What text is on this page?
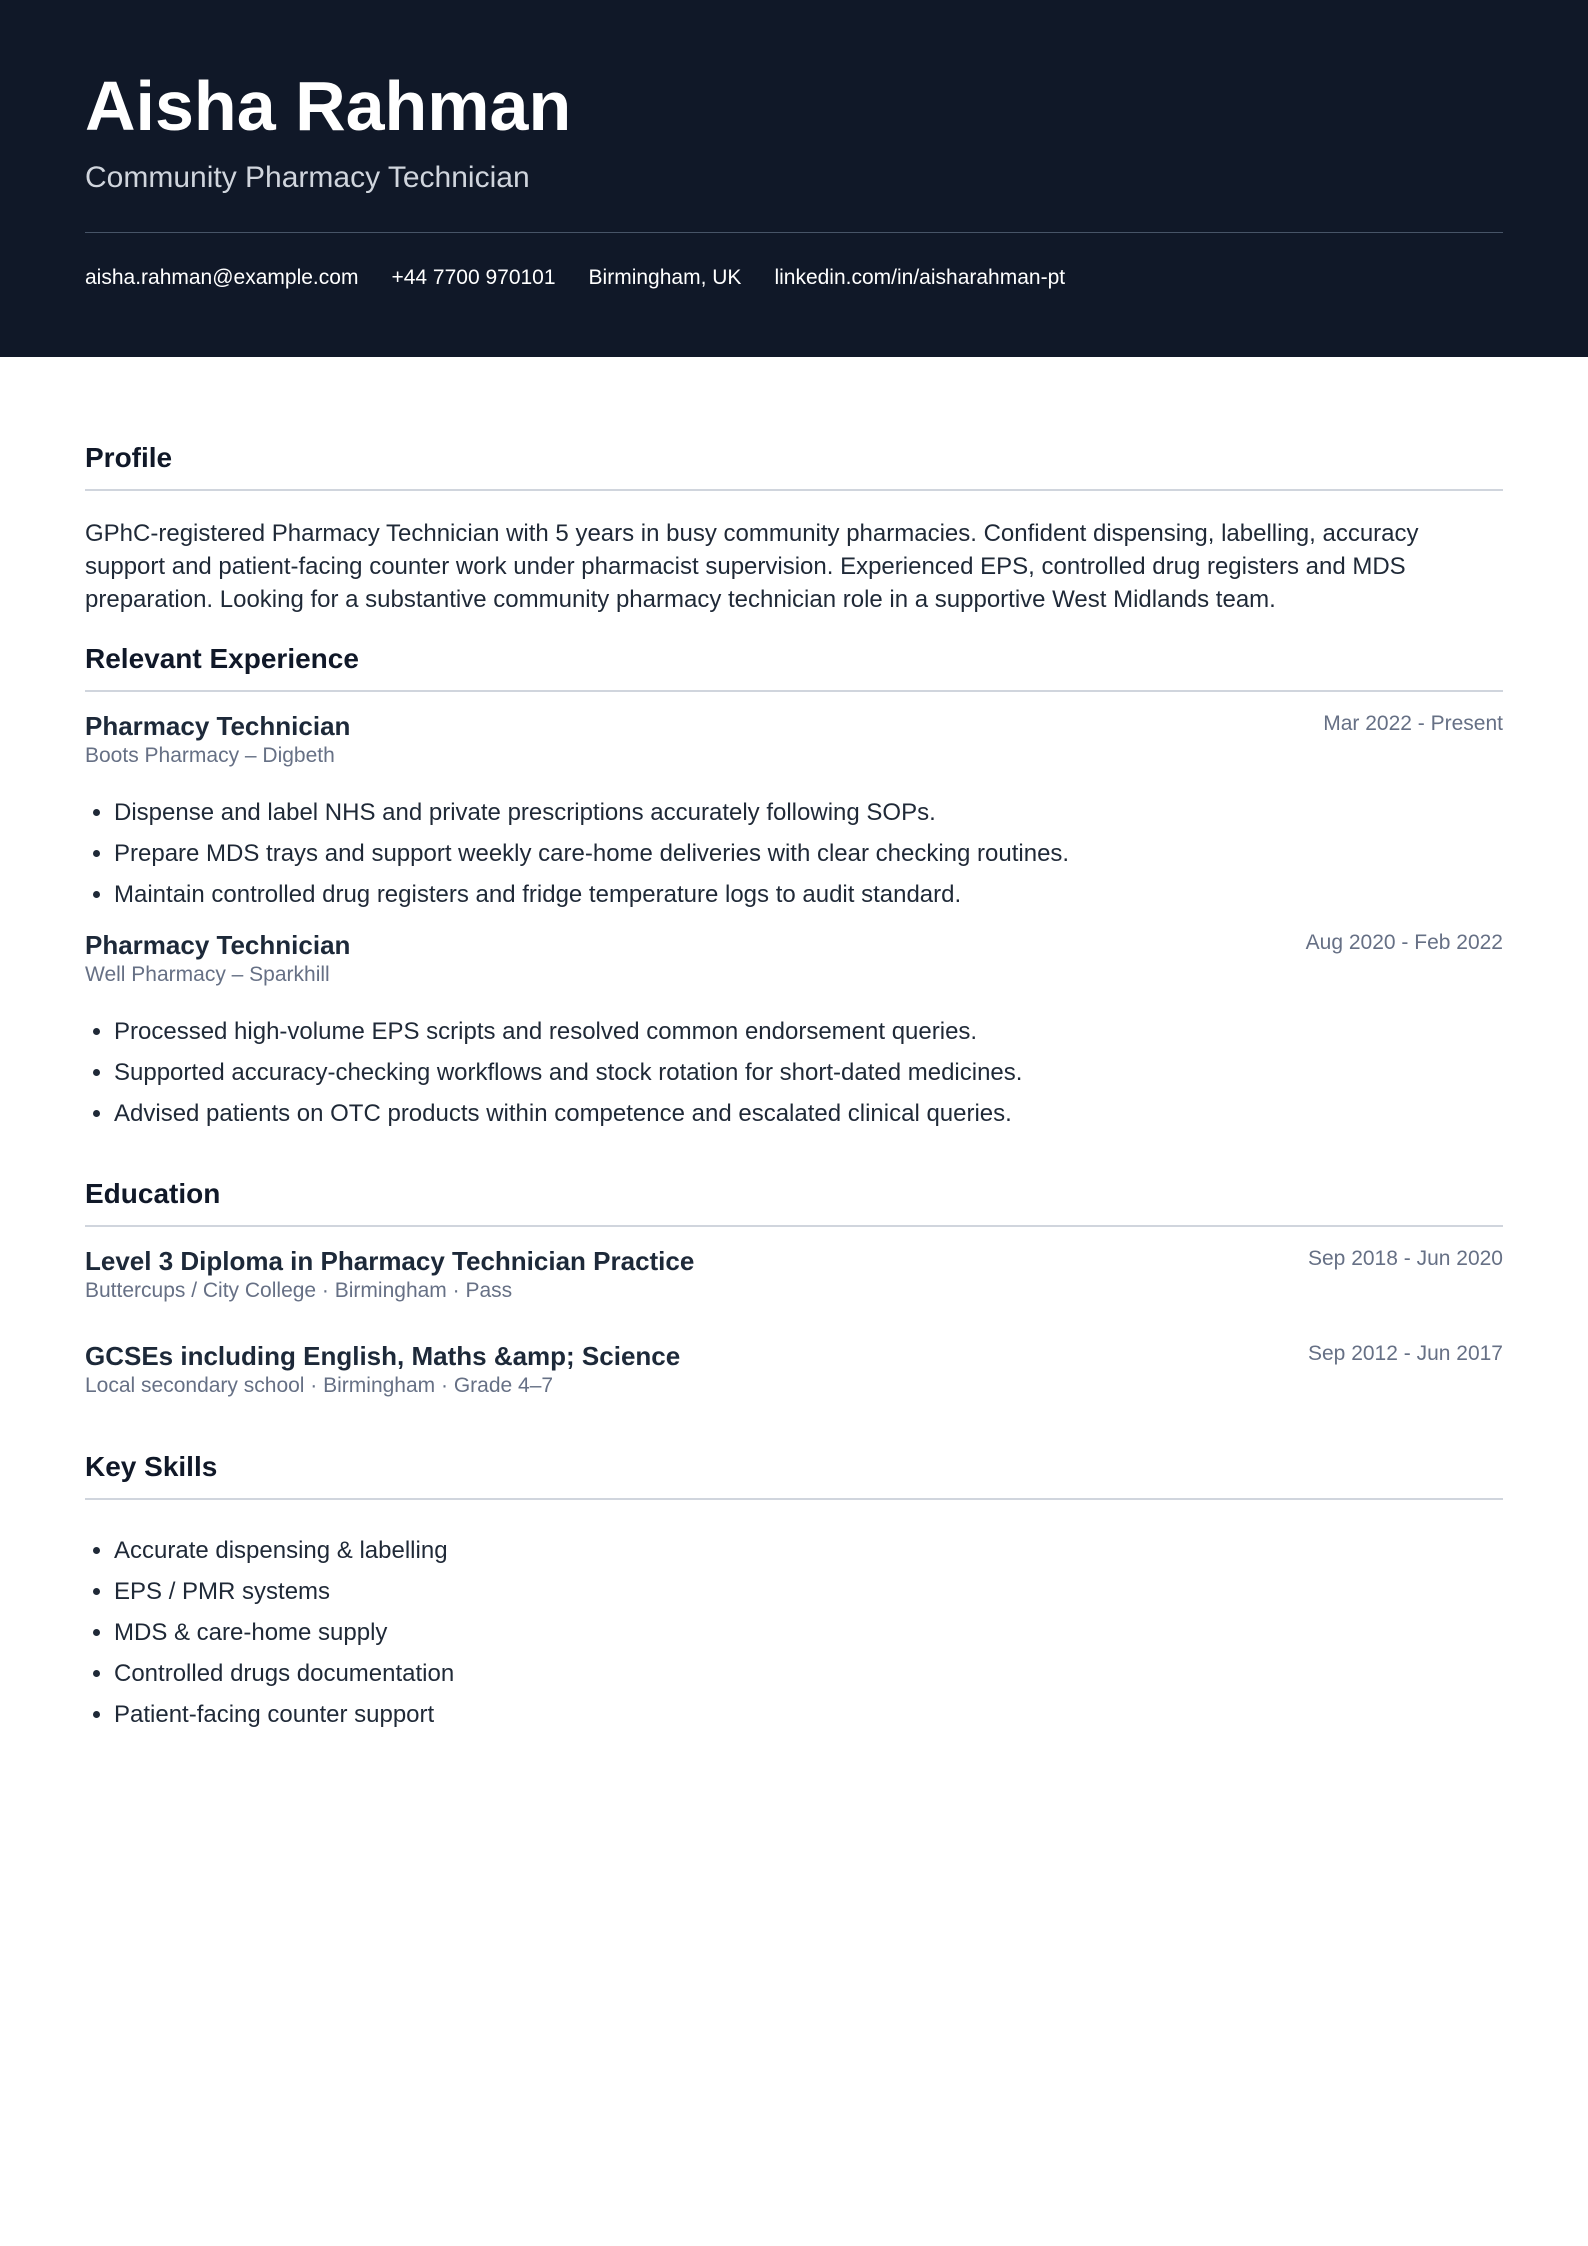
Aisha Rahman
Community Pharmacy Technician
aisha.rahman@example.com +44 7700 970101 Birmingham, UK linkedin.com/in/aisharahman-pt
Profile
GPhC-registered Pharmacy Technician with 5 years in busy community pharmacies. Confident dispensing, labelling, accuracy support and patient-facing counter work under pharmacist supervision. Experienced EPS, controlled drug registers and MDS preparation. Looking for a substantive community pharmacy technician role in a supportive West Midlands team.
Relevant Experience
Pharmacy Technician	Mar 2022 - Present
Boots Pharmacy – Digbeth
• Dispense and label NHS and private prescriptions accurately following SOPs.
• Prepare MDS trays and support weekly care-home deliveries with clear checking routines.
• Maintain controlled drug registers and fridge temperature logs to audit standard.
Pharmacy Technician	Aug 2020 - Feb 2022
Well Pharmacy – Sparkhill
• Processed high-volume EPS scripts and resolved common endorsement queries.
• Supported accuracy-checking workflows and stock rotation for short-dated medicines.
• Advised patients on OTC products within competence and escalated clinical queries.
Education
Level 3 Diploma in Pharmacy Technician Practice	Sep 2018 - Jun 2020
Buttercups / City College · Birmingham · Pass
GCSEs including English, Maths &amp; Science	Sep 2012 - Jun 2017
Local secondary school · Birmingham · Grade 4–7
Key Skills
• Accurate dispensing & labelling
• EPS / PMR systems
• MDS & care-home supply
• Controlled drugs documentation
• Patient-facing counter support
